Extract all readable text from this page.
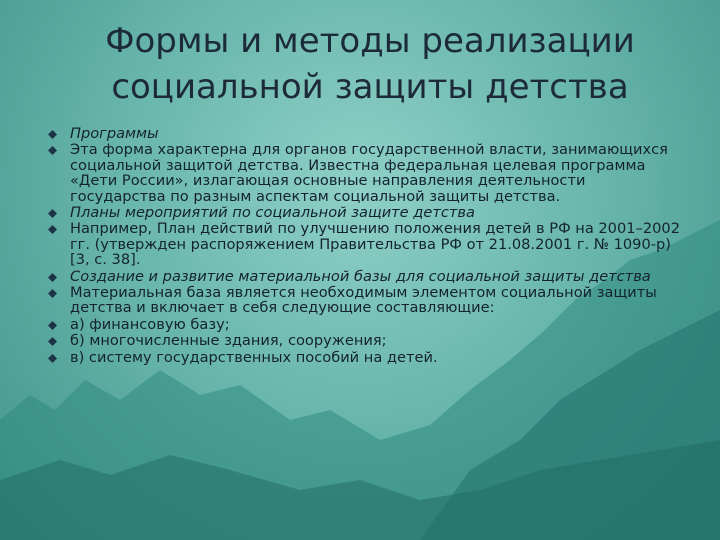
Формы и методы реализации
социальной защиты детства
Программы
Эта форма характерна для органов государственной власти, занимающихся социальной защитой детства. Известна федеральная целевая программа «Дети России», излагающая основные направления деятельности государства по разным аспектам социальной защиты детства.
Планы мероприятий по социальной защите детства
Например, План действий по улучшению положения детей в РФ на 2001–2002 гг. (утвержден распоряжением Правительства РФ от 21.08.2001 г. № 1090-р) [3, с. 38].
Создание и развитие материальной базы для социальной защиты детства
Материальная база является необходимым элементом социальной защиты детства и включает в себя следующие составляющие:
а) финансовую базу;
б) многочисленные здания, сооружения;
в) систему государственных пособий на детей.
